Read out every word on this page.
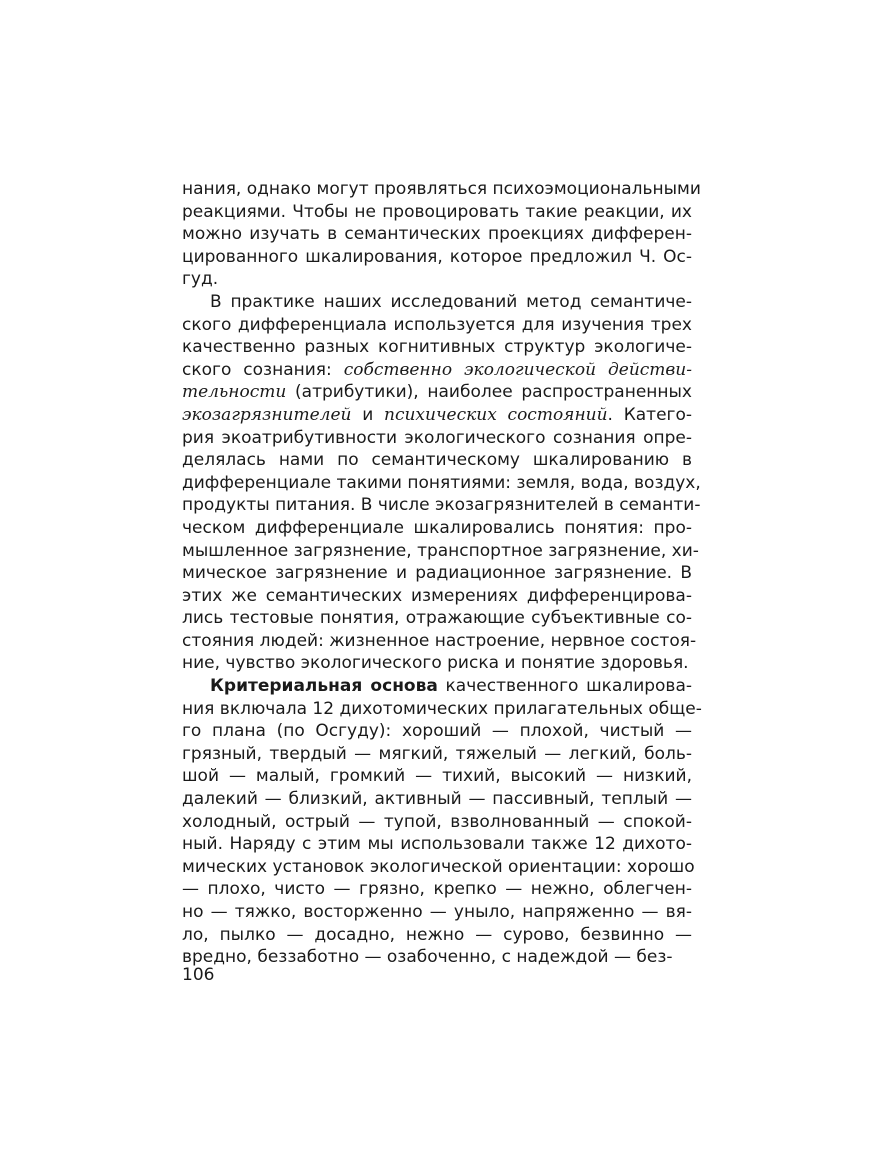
нания, однако могут проявляться психоэмоциональными
реакциями. Чтобы не провоцировать такие реакции, их
можно изучать в семантических проекциях дифферен-
цированного шкалирования, которое предложил Ч. Ос-
гуд.
В практике наших исследований метод семантиче-
ского дифференциала используется для изучения трех
качественно разных когнитивных структур экологиче-
ского сознания: собственно экологической действи-
тельности (атрибутики), наиболее распространенных
экозагрязнителей и психических состояний. Катего-
рия экоатрибутивности экологического сознания опре-
делялась нами по семантическому шкалированию в
дифференциале такими понятиями: земля, вода, воздух,
продукты питания. В числе экозагрязнителей в семанти-
ческом дифференциале шкалировались понятия: про-
мышленное загрязнение, транспортное загрязнение, хи-
мическое загрязнение и радиационное загрязнение. В
этих же семантических измерениях дифференцирова-
лись тестовые понятия, отражающие субъективные со-
стояния людей: жизненное настроение, нервное состоя-
ние, чувство экологического риска и понятие здоровья.
Критериальная основа качественного шкалирова-
ния включала 12 дихотомических прилагательных обще-
го плана (по Осгуду): хороший — плохой, чистый —
грязный, твердый — мягкий, тяжелый — легкий, боль-
шой — малый, громкий — тихий, высокий — низкий,
далекий — близкий, активный — пассивный, теплый —
холодный, острый — тупой, взволнованный — спокой-
ный. Наряду с этим мы использовали также 12 дихото-
мических установок экологической ориентации: хорошо
— плохо, чисто — грязно, крепко — нежно, облегчен-
но — тяжко, восторженно — уныло, напряженно — вя-
ло, пылко — досадно, нежно — сурово, безвинно —
вредно, беззаботно — озабоченно, с надеждой — без-
106
